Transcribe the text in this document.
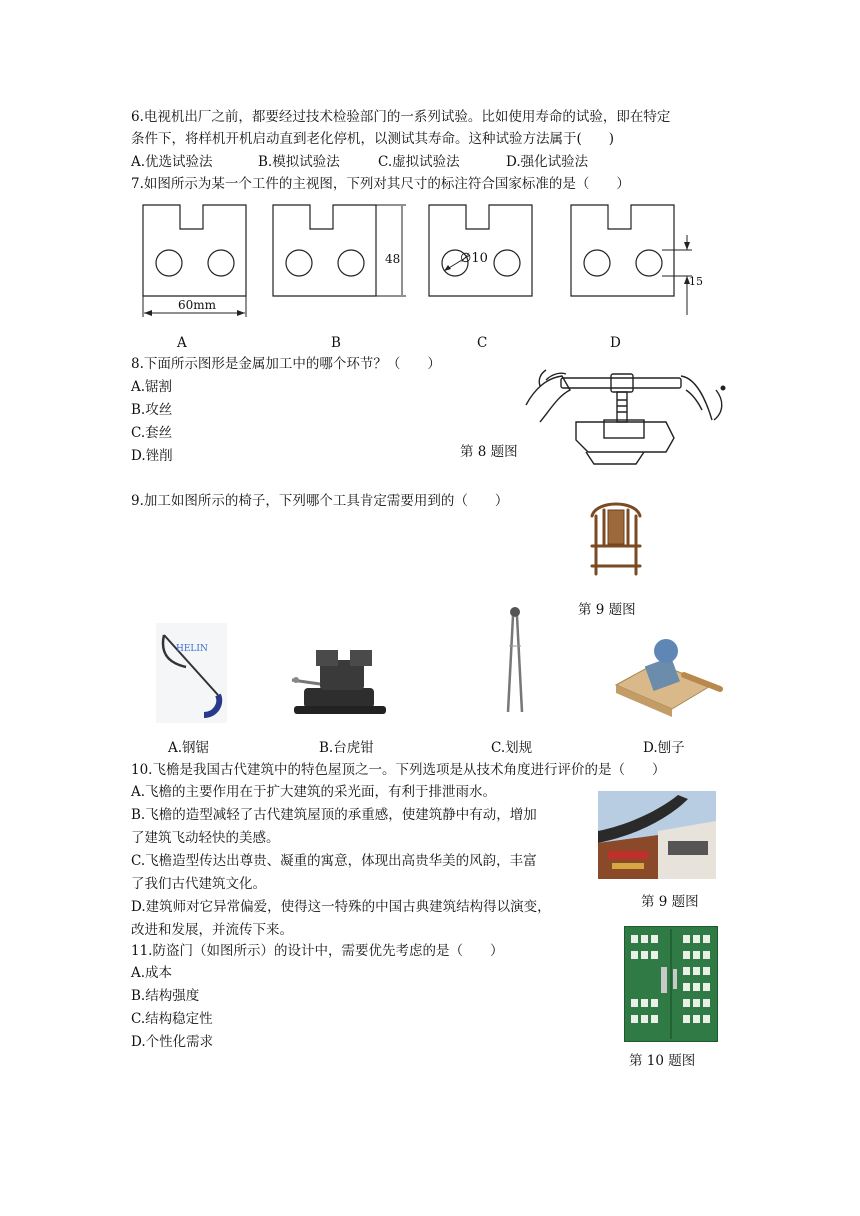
6.电视机出厂之前，都要经过技术检验部门的一系列试验。比如使用寿命的试验，即在特定
条件下，将样机开机启动直到老化停机，以测试其寿命。这种试验方法属于(　　)
A.优选试验法	B.模拟试验法	C.虚拟试验法	D.强化试验法
7.如图所示为某一个工件的主视图，下列对其尺寸的标注符合国家标准的是（　　）
60mm
48	∅10
15
A	B	C	D
8.下面所示图形是金属加工中的哪个环节？（　　）
A.锯割
B.攻丝
C.套丝
D.锉削	第 8 题图
9.加工如图所示的椅子，下列哪个工具肯定需要用到的（　　）
第 9 题图
HELIN
A.钢锯	B.台虎钳	C.划规	D.刨子
10.飞檐是我国古代建筑中的特色屋顶之一。下列选项是从技术角度进行评价的是（　　）
A.飞檐的主要作用在于扩大建筑的采光面，有利于排泄雨水。
B.飞檐的造型减轻了古代建筑屋顶的承重感，使建筑静中有动，增加
了建筑飞动轻快的美感。
C.飞檐造型传达出尊贵、凝重的寓意，体现出高贵华美的风韵，丰富
了我们古代建筑文化。
D.建筑师对它异常偏爱，使得这一特殊的中国古典建筑结构得以演变，
改进和发展，并流传下来。
第 9 题图
11.防盗门（如图所示）的设计中，需要优先考虑的是（　　）
A.成本
B.结构强度
C.结构稳定性
D.个性化需求
第 10 题图
